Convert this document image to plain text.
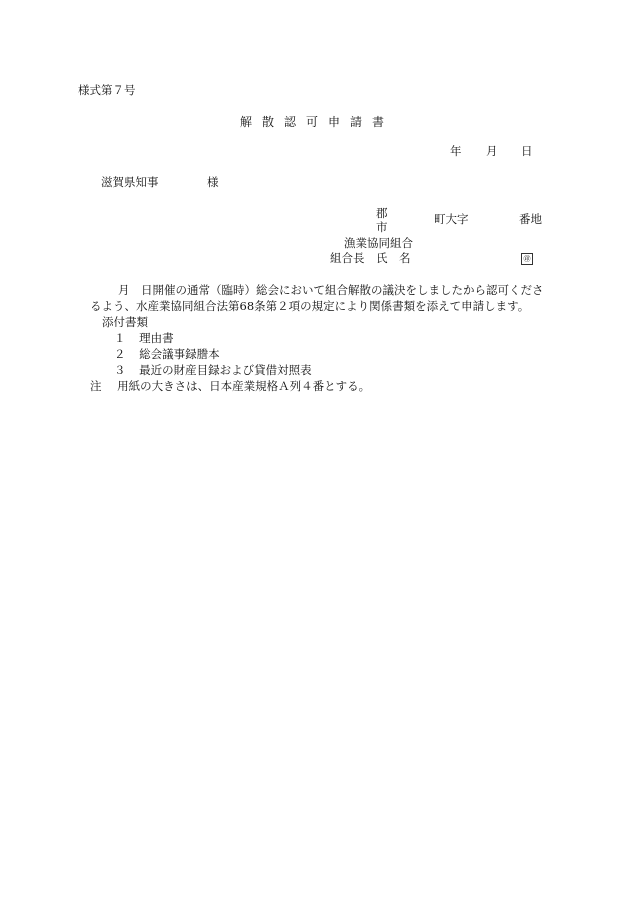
様式第７号
解散認可申請書
年 月 日
滋賀県知事	様
郡
市
町大字	番地
漁業協同組合
組合長 氏　名	㊞
月　日開催の通常（臨時）総会において組合解散の議決をしましたから認可くださ
るよう、水産業協同組合法第68条第２項の規定により関係書類を添えて申請します。
添付書類
１ 理由書
２ 総会議事録謄本
３ 最近の財産目録および貸借対照表
注 用紙の大きさは、日本産業規格Ａ列４番とする。
